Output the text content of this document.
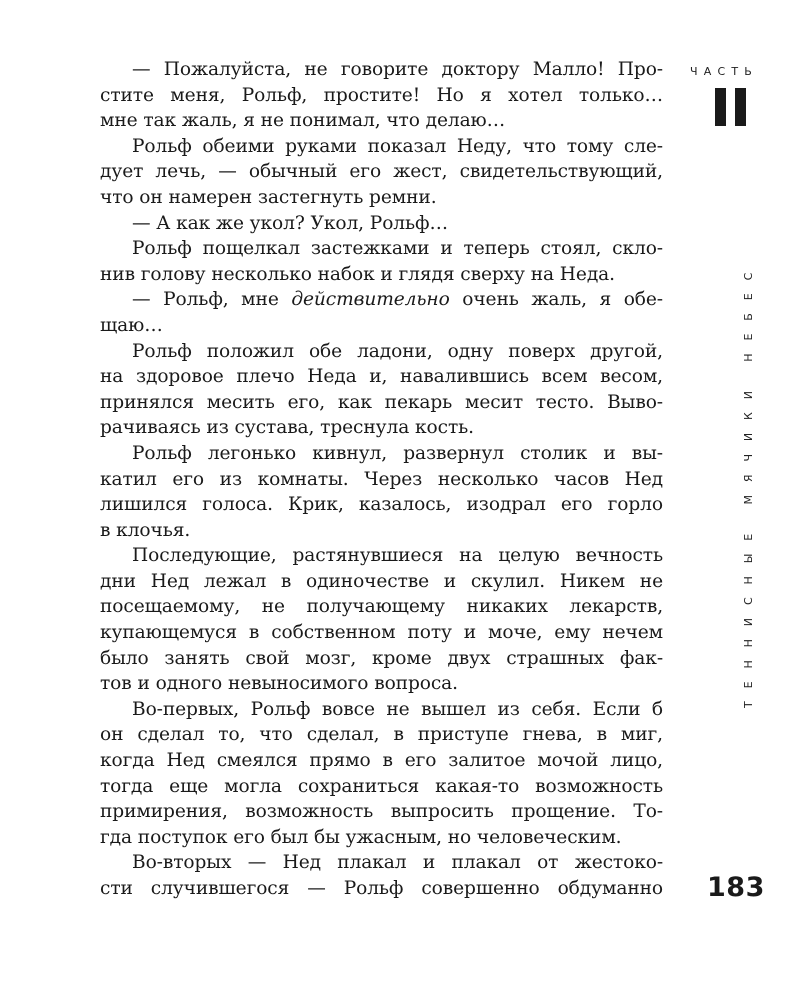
— Пожалуйста, не говорите доктору Малло! Про-
стите меня, Рольф, простите! Но я хотел только…
мне так жаль, я не понимал, что делаю…
Рольф обеими руками показал Неду, что тому сле-
дует лечь, — обычный его жест, свидетельствующий,
что он намерен застегнуть ремни.
— А как же укол? Укол, Рольф…
Рольф пощелкал застежками и теперь стоял, скло-
нив голову несколько набок и глядя сверху на Неда.
— Рольф, мне действительно очень жаль, я обе-
щаю…
Рольф положил обе ладони, одну поверх другой,
на здоровое плечо Неда и, навалившись всем весом,
принялся месить его, как пекарь месит тесто. Выво-
рачиваясь из сустава, треснула кость.
Рольф легонько кивнул, развернул столик и вы-
катил его из комнаты. Через несколько часов Нед
лишился голоса. Крик, казалось, изодрал его горло
в клочья.
Последующие, растянувшиеся на целую вечность
дни Нед лежал в одиночестве и скулил. Никем не
посещаемому, не получающему никаких лекарств,
купающемуся в собственном поту и моче, ему нечем
было занять свой мозг, кроме двух страшных фак-
тов и одного невыносимого вопроса.
Во-первых, Рольф вовсе не вышел из себя. Если б
он сделал то, что сделал, в приступе гнева, в миг,
когда Нед смеялся прямо в его залитое мочой лицо,
тогда еще могла сохраниться какая-то возможность
примирения, возможность выпросить прощение. То-
гда поступок его был бы ужасным, но человеческим.
Во-вторых — Нед плакал и плакал от жестоко-
сти случившегося — Рольф совершенно обдуманно
ЧАСТЬ
ТЕННИСНЫЕ МЯЧИКИ НЕБЕС
183
